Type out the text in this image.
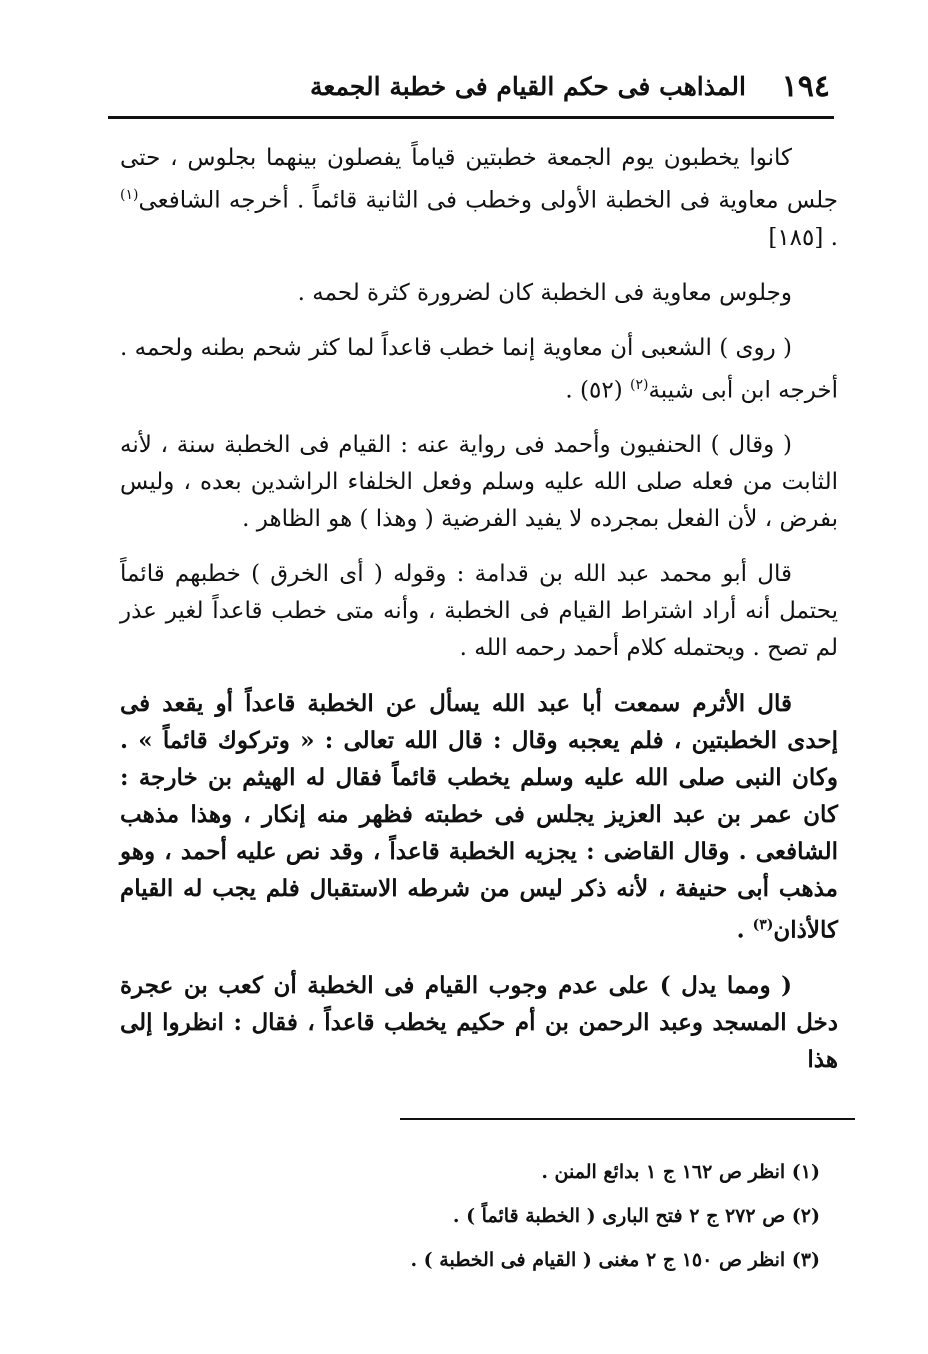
١٩٤
المذاهب فى حكم القيام فى خطبة الجمعة

كانوا يخطبون يوم الجمعة خطبتين قياماً يفصلون بينهما بجلوس ، حتى جلس معاوية فى الخطبة الأولى وخطب فى الثانية قائماً . أخرجه الشافعى$^{(١)}$ . [١٨٥]

وجلوس معاوية فى الخطبة كان لضرورة كثرة لحمه .

( روى ) الشعبى أن معاوية إنما خطب قاعداً لما كثر شحم بطنه ولحمه . أخرجه ابن أبى شيبة$^{(٢)}$ (٥٢) .

( وقال ) الحنفيون وأحمد فى رواية عنه : القيام فى الخطبة سنة ، لأنه الثابت من فعله صلى الله عليه وسلم وفعل الخلفاء الراشدين بعده ، وليس بفرض ، لأن الفعل بمجرده لا يفيد الفرضية ( وهذا ) هو الظاهر .

قال أبو محمد عبد الله بن قدامة : وقوله ( أى الخرق ) خطبهم قائماً يحتمل أنه أراد اشتراط القيام فى الخطبة ، وأنه متى خطب قاعداً لغير عذر لم تصح . ويحتمله كلام أحمد رحمه الله .

قال الأثرم سمعت أبا عبد الله يسأل عن الخطبة قاعداً أو يقعد فى إحدى الخطبتين ، فلم يعجبه وقال : قال الله تعالى : « وتركوك قائماً » . وكان النبى صلى الله عليه وسلم يخطب قائماً فقال له الهيثم بن خارجة : كان عمر بن عبد العزيز يجلس فى خطبته فظهر منه إنكار ، وهذا مذهب الشافعى . وقال القاضى : يجزيه الخطبة قاعداً ، وقد نص عليه أحمد ، وهو مذهب أبى حنيفة ، لأنه ذكر ليس من شرطه الاستقبال فلم يجب له القيام كالأذان$^{(٣)}$ .

( ومما يدل ) على عدم وجوب القيام فى الخطبة أن كعب بن عجرة دخل المسجد وعبد الرحمن بن أم حكيم يخطب قاعداً ، فقال : انظروا إلى هذا

(١) انظر ص ١٦٢ ج ١ بدائع المنن .

(٢) ص ٢٧٢ ج ٢ فتح البارى ( الخطبة قائماً ) .

(٣) انظر ص ١٥٠ ج ٢ مغنى ( القيام فى الخطبة ) .
